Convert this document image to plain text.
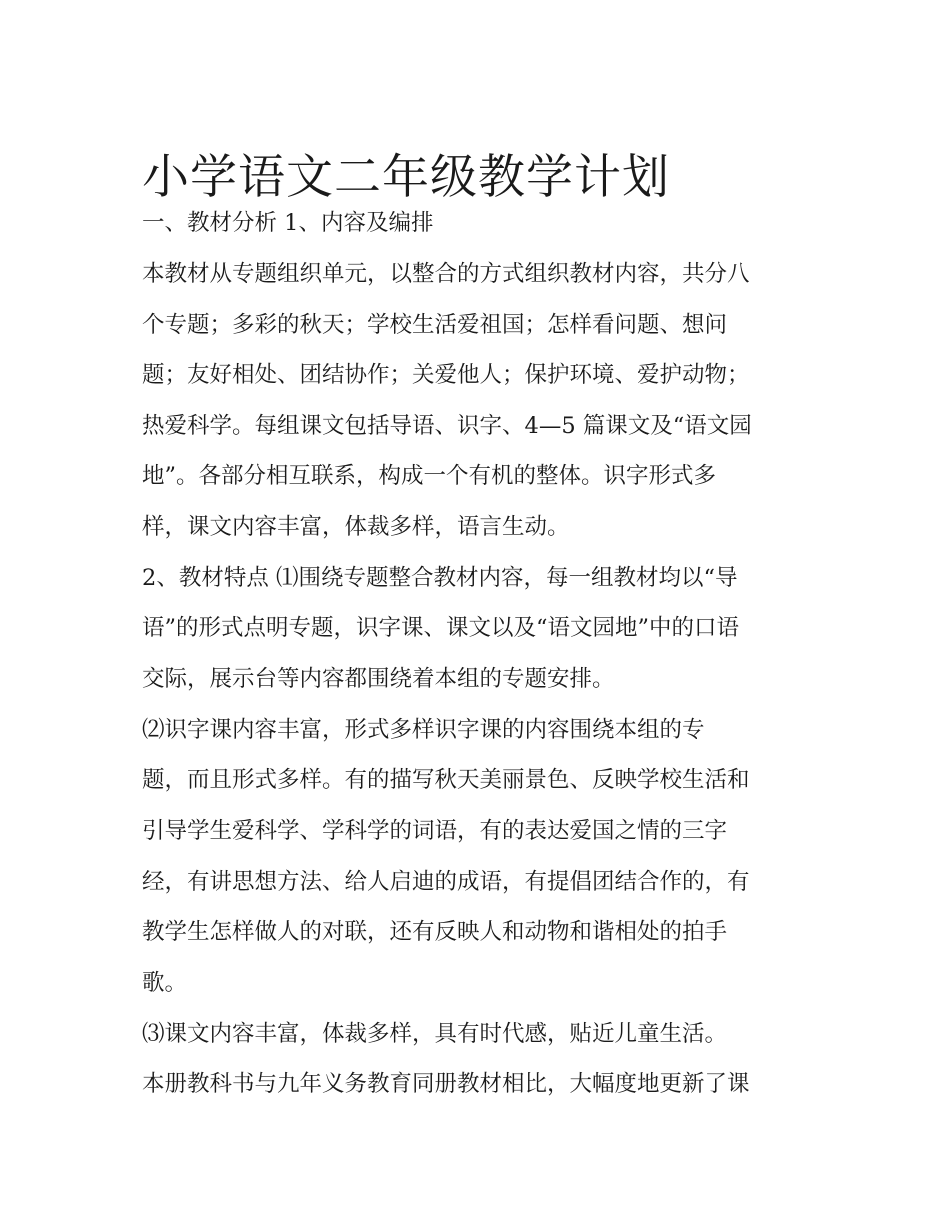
小学语文二年级教学计划
一、教材分析 1、内容及编排
本教材从专题组织单元，以整合的方式组织教材内容，共分八
个专题；多彩的秋天；学校生活爱祖国；怎样看问题、想问
题；友好相处、团结协作；关爱他人；保护环境、爱护动物；
热爱科学。每组课文包括导语、识字、4—5 篇课文及“语文园
地”。各部分相互联系，构成一个有机的整体。识字形式多
样，课文内容丰富，体裁多样，语言生动。
2、教材特点 ⑴围绕专题整合教材内容，每一组教材均以“导
语”的形式点明专题，识字课、课文以及“语文园地”中的口语
交际，展示台等内容都围绕着本组的专题安排。
⑵识字课内容丰富，形式多样识字课的内容围绕本组的专
题，而且形式多样。有的描写秋天美丽景色、反映学校生活和
引导学生爱科学、学科学的词语，有的表达爱国之情的三字
经，有讲思想方法、给人启迪的成语，有提倡团结合作的，有
教学生怎样做人的对联，还有反映人和动物和谐相处的拍手
歌。
⑶课文内容丰富，体裁多样，具有时代感，贴近儿童生活。
本册教科书与九年义务教育同册教材相比，大幅度地更新了课
